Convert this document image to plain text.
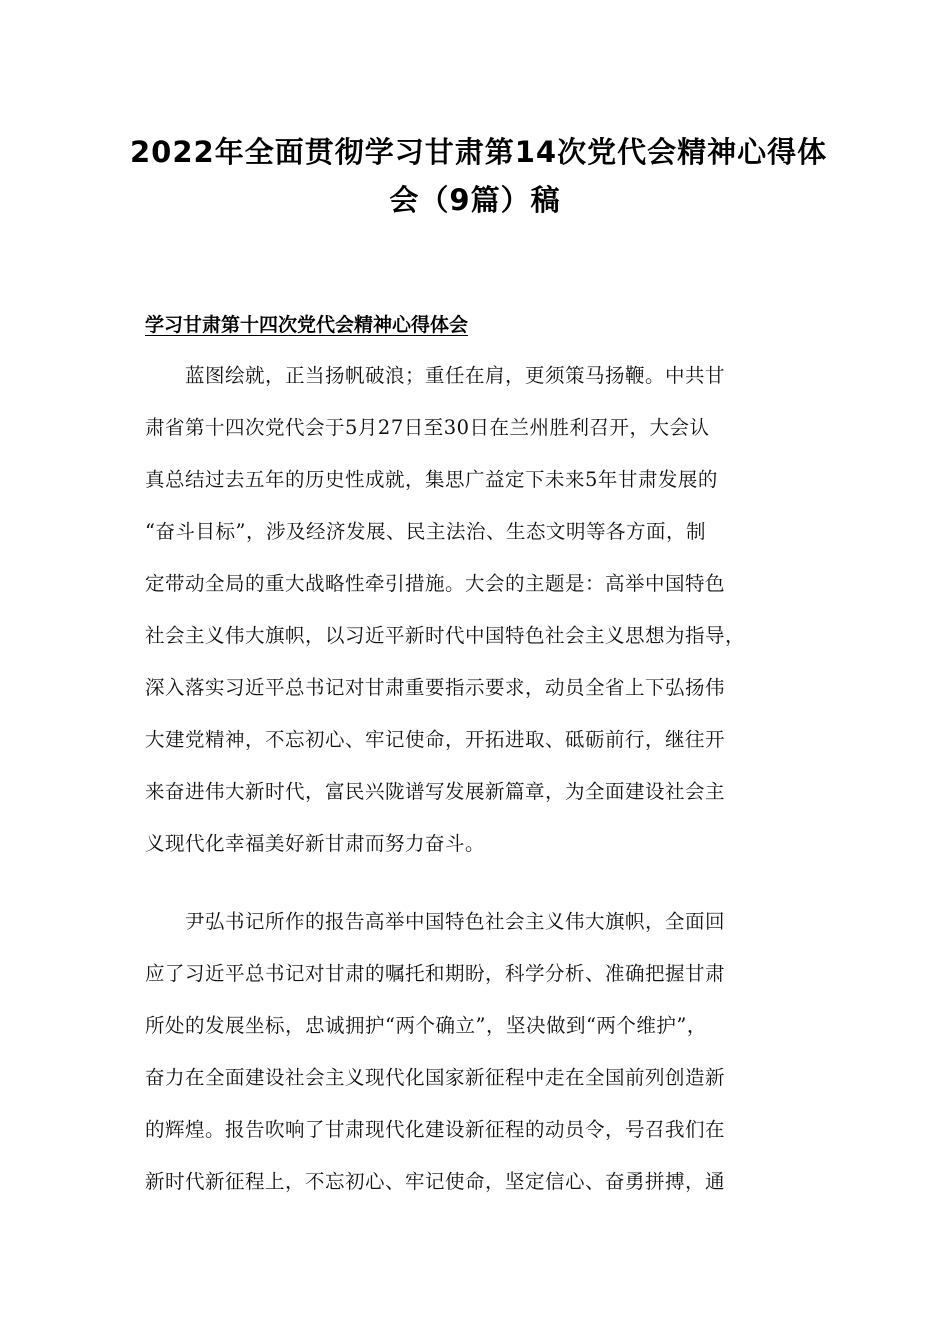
2022年全面贯彻学习甘肃第14次党代会精神心得体
会（9篇）稿
学习甘肃第十四次党代会精神心得体会
蓝图绘就，正当扬帆破浪；重任在肩，更须策马扬鞭。中共甘
肃省第十四次党代会于5月27日至30日在兰州胜利召开，大会认
真总结过去五年的历史性成就，集思广益定下未来5年甘肃发展的
“奋斗目标”，涉及经济发展、民主法治、生态文明等各方面，制
定带动全局的重大战略性牵引措施。大会的主题是：高举中国特色
社会主义伟大旗帜，以习近平新时代中国特色社会主义思想为指导，
深入落实习近平总书记对甘肃重要指示要求，动员全省上下弘扬伟
大建党精神，不忘初心、牢记使命，开拓进取、砥砺前行，继往开
来奋进伟大新时代，富民兴陇谱写发展新篇章，为全面建设社会主
义现代化幸福美好新甘肃而努力奋斗。
尹弘书记所作的报告高举中国特色社会主义伟大旗帜，全面回
应了习近平总书记对甘肃的嘱托和期盼，科学分析、准确把握甘肃
所处的发展坐标，忠诚拥护“两个确立”，坚决做到“两个维护”，
奋力在全面建设社会主义现代化国家新征程中走在全国前列创造新
的辉煌。报告吹响了甘肃现代化建设新征程的动员令，号召我们在
新时代新征程上，不忘初心、牢记使命，坚定信心、奋勇拼搏，通
